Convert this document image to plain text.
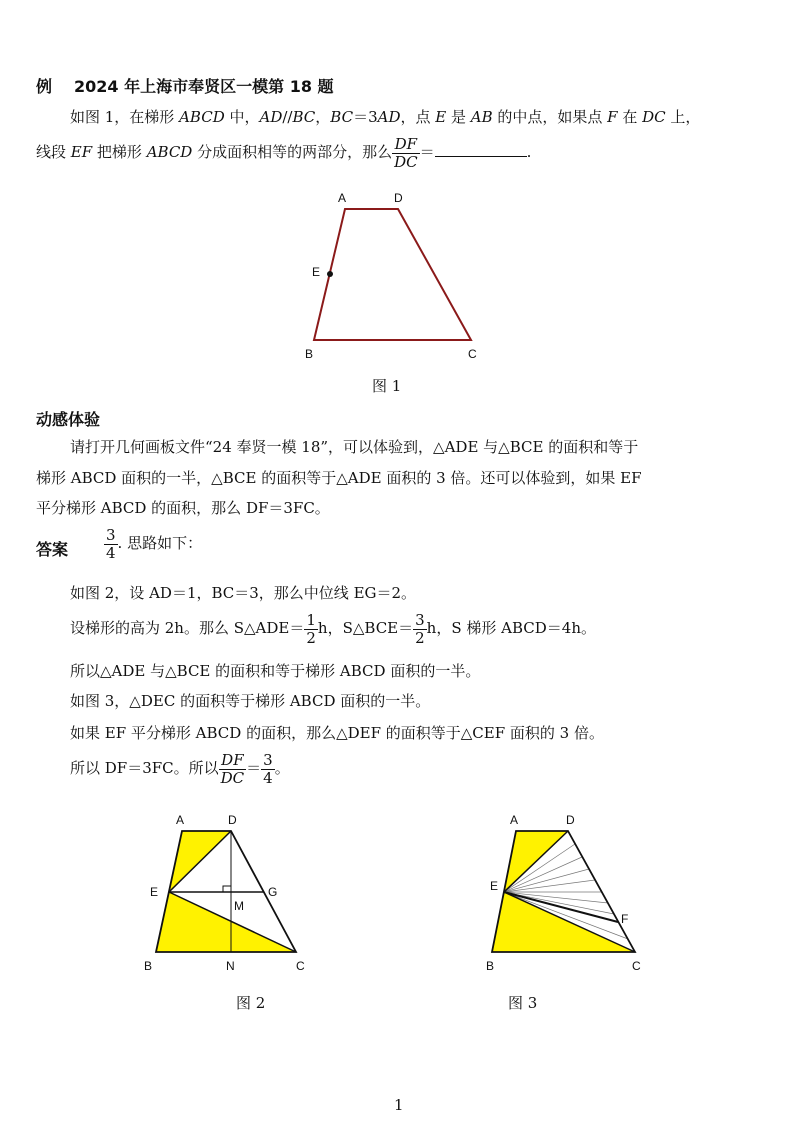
例 2024 年上海市奉贤区一模第 18 题
如图 1，在梯形 ABCD 中，AD//BC，BC＝3AD，点 E 是 AB 的中点，如果点 F 在 DC 上，
线段 EF 把梯形 ABCD 分成面积相等的两部分，那么 $\frac{DF}{DC}$ ＝	.
A	D
E
B	C
图 1
动感体验
请打开几何画板文件“24 奉贤一模 18”，可以体验到，△ADE 与△BCE 的面积和等于
梯形 ABCD 面积的一半，△BCE 的面积等于△ADE 面积的 3 倍。还可以体验到，如果 EF
平分梯形 ABCD 的面积，那么 DF＝3FC。
答案 $\frac{3}{4}$ . 思路如下：
如图 2，设 AD＝1，BC＝3，那么中位线 EG＝2。
设梯形的高为 2h。那么 S△ADE＝ $\frac{1}{2}$ h，S△BCE＝ $\frac{3}{2}$ h，S 梯形 ABCD＝4h。
所以△ADE 与△BCE 的面积和等于梯形 ABCD 面积的一半。
如图 3，△DEC 的面积等于梯形 ABCD 面积的一半。
如果 EF 平分梯形 ABCD 的面积，那么△DEF 的面积等于△CEF 面积的 3 倍。
所以 DF＝3FC。所以 $\frac{DF}{DC} = \frac{3}{4}$ 。
A	D
E	G
M
B	N	C
图 2
A	D
E
F
B	C
图 3
1
